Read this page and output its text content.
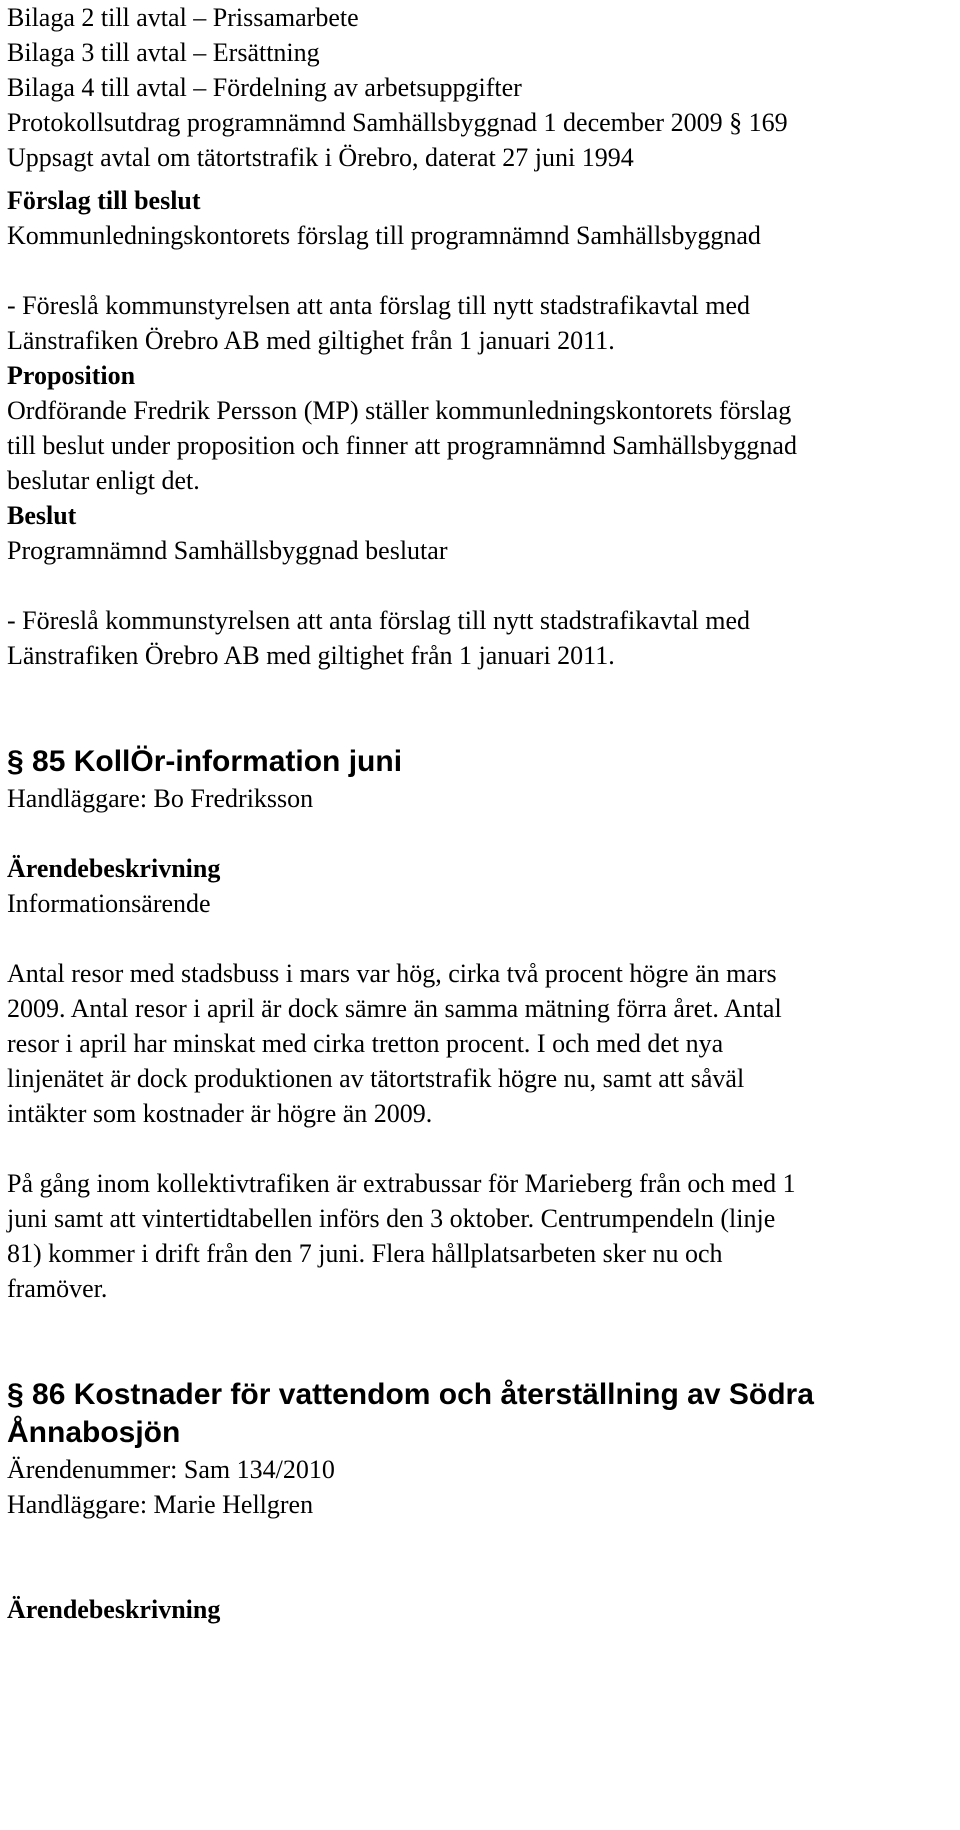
Bilaga 2 till avtal – Prissamarbete
Bilaga 3 till avtal – Ersättning
Bilaga 4 till avtal – Fördelning av arbetsuppgifter
Protokollsutdrag programnämnd Samhällsbyggnad 1 december 2009 § 169
Uppsagt avtal om tätortstrafik i Örebro, daterat 27 juni 1994
Förslag till beslut
Kommunledningskontorets förslag till programnämnd Samhällsbyggnad
- Föreslå kommunstyrelsen att anta förslag till nytt stadstrafikavtal med
Länstrafiken Örebro AB med giltighet från 1 januari 2011.
Proposition
Ordförande Fredrik Persson (MP) ställer kommunledningskontorets förslag
till beslut under proposition och finner att programnämnd Samhällsbyggnad
beslutar enligt det.
Beslut
Programnämnd Samhällsbyggnad beslutar
- Föreslå kommunstyrelsen att anta förslag till nytt stadstrafikavtal med
Länstrafiken Örebro AB med giltighet från 1 januari 2011.
§ 85 KollÖr-information juni
Handläggare: Bo Fredriksson
Ärendebeskrivning
Informationsärende
Antal resor med stadsbuss i mars var hög, cirka två procent högre än mars
2009. Antal resor i april är dock sämre än samma mätning förra året. Antal
resor i april har minskat med cirka tretton procent. I och med det nya
linjenätet är dock produktionen av tätortstrafik högre nu, samt att såväl
intäkter som kostnader är högre än 2009.
På gång inom kollektivtrafiken är extrabussar för Marieberg från och med 1
juni samt att vintertidtabellen införs den 3 oktober. Centrumpendeln (linje
81) kommer i drift från den 7 juni. Flera hållplatsarbeten sker nu och
framöver.
§ 86 Kostnader för vattendom och återställning av Södra
Ånnabosjön
Ärendenummer: Sam 134/2010
Handläggare: Marie Hellgren
Ärendebeskrivning
